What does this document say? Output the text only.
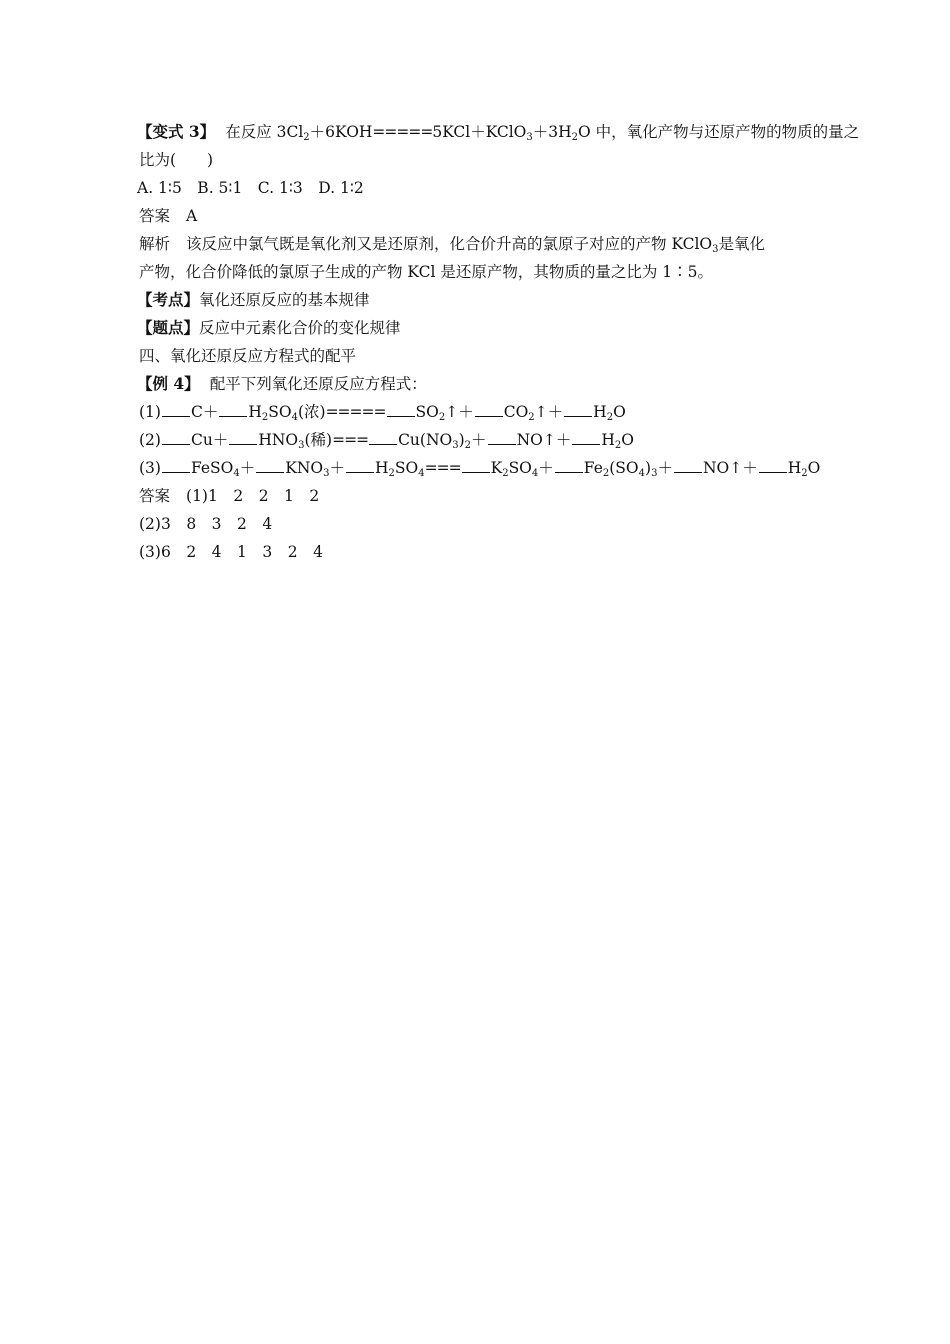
【变式 3】 在反应 $3Cl_2+6KOH=====5KCl+KClO_3+3H_2O$ 中，氧化产物与还原产物的物质的量之
比为(　　)
A. 1∶5　B. 5∶1　C. 1∶3　D. 1∶2
答案 A
解析 该反应中氯气既是氧化剂又是还原剂，化合价升高的氯原子对应的产物 KClO$_3$是氧化
产物，化合价降低的氯原子生成的产物 KCl 是还原产物，其物质的量之比为 1∶5。
【考点】氧化还原反应的基本规律
【题点】反应中元素化合价的变化规律
四、氧化还原反应方程式的配平
【例 4】 配平下列氧化还原反应方程式：
(1) $C+ H_2SO_4$(浓)===== $SO_2↑+$ $CO_2↑+ H_2O$
(2) $Cu+ HNO_3$(稀)=== $Cu(NO_3)_2+$ NO↑＋ $H_2O$
(3) FeSO$_4$＋ $KNO_3+ H_2SO_4=== K_2SO_4+ Fe_2(SO_4)_3+$ NO↑＋ $H_2O$
答案 (1)1　2　2　1　2
(2)3　8　3　2　4
(3)6　2　4　1　3　2　4
